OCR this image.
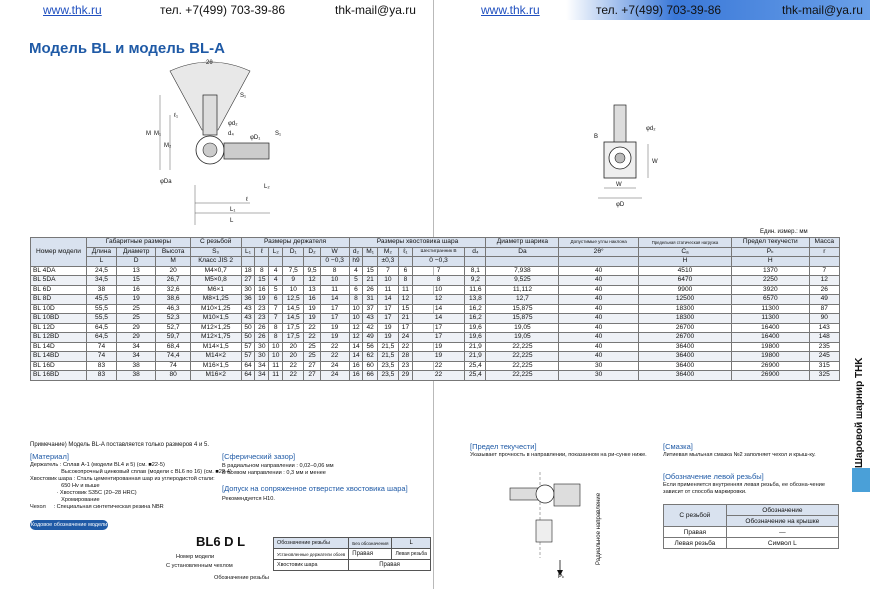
www.thk.ru	тел. +7(499) 703-39-86	thk-mail@ya.ru	www.thk.ru	тел. +7(499) 703-39-86	thk-mail@ya.ru
Модель BL и модель BL-A
2θ
S₁
ℓ₁
φd₂
d₄
M M₁
M₂
φD₁
S₁
φDa
L₂
ℓ
L₁
L
B
φd₂
W
W
φD
Шаровой шарнир THK
Един. измер.: мм
Номер модели	Габаритные размеры			С резьбой	Размеры держателя						Размеры хвостовика шара						Диаметр шарика	Допустимые углы наклона	Предельная статическая нагрузка	Предел текучести	Масса
	Длина	Диаметр	Высота	S₀	L₁	ℓ	L₂	D₁	D₂	W	d₂	M₁	M₂	ℓ₁	Шестигранник B	d₄	Da	2θ°	Cₐ	Pₖ	r
	L	D	M	Класс JIS 2						0 −0,3	h9		±0,3		0 −0,3				H	H	
BL 4DA	24,5	13	20	M4×0,7	18	8	4	7,5	9,5	8	4	15	7	6	7	8,1	7,938	40	4510	1370	7
BL 5DA	34,5	15	26,7	M5×0,8	27	15	4	9	12	10	5	21	10	8	8	9,2	9,525	40	6470	2250	12
BL 6D	38	16	32,6	M6×1	30	16	5	10	13	11	6	26	11	11	10	11,6	11,112	40	9900	3920	26
BL 8D	45,5	19	38,6	M8×1,25	36	19	6	12,5	16	14	8	31	14	12	12	13,8	12,7	40	12500	6570	49
BL 10D	55,5	25	46,3	M10×1,25	43	23	7	14,5	19	17	10	37	17	15	14	16,2	15,875	40	18300	11300	87
BL 10BD	55,5	25	52,3	M10×1,5	43	23	7	14,5	19	17	10	43	17	21	14	16,2	15,875	40	18300	11300	90
BL 12D	64,5	29	52,7	M12×1,25	50	26	8	17,5	22	19	12	42	19	17	17	19,6	19,05	40	26700	16400	143
BL 12BD	64,5	29	59,7	M12×1,75	50	26	8	17,5	22	19	12	49	19	24	17	19,6	19,05	40	26700	16400	148
BL 14D	74	34	68,4	M14×1,5	57	30	10	20	25	22	14	56	21,5	22	19	21,9	22,225	40	36400	19800	235
BL 14BD	74	34	74,4	M14×2	57	30	10	20	25	22	14	62	21,5	28	19	21,9	22,225	40	36400	19800	245
BL 16D	83	38	74	M16×1,5	64	34	11	22	27	24	16	60	23,5	23	22	25,4	22,225	30	36400	26900	315
BL 16BD	83	38	80	M16×2	64	34	11	22	27	24	16	66	23,5	29	22	25,4	22,225	30	36400	26900	325
Примечание) Модель BL-A поставляется только размеров 4 и 5.
[Материал]
Держатель : Сплав А-1 (модели BL4 и 5) (см. ■22-5)
Высокопрочный цинковый сплав (модели с BL6 по 16) (см. ■22-4)
Хвостовик шара : Сталь цементированная шар из углеродистой стали:
650 Hv и выше
· Хвостовик S35C (20–28 HRC)
Хромирование
Чехол     : Специальная синтетическая резина NBR
[Сферический зазор]
В радиальном направлении : 0,02–0,06 мм
В осевом направлении : 0,3 мм и менее
[Допуск на сопряженное отверстие хвостовика шара]
Рекомендуется H10.
Кодовое обозначение модели
BL6 D L
Номер модели
С установленным чехлом
Обозначение резьбы
Обозначение резьбы	Без обозначения	L
Установленные держатели обоев	Правая	Левая резьба
Хвостовик шара	Правая	
[Предел текучести]
Указывает прочность в направлении, показанном на ри-сунке ниже.
Pₖ
Радиальное направление
[Смазка]
Литиевая мыльная смазка №2 заполняет чехол и крыш-ку.
[Обозначение левой резьбы]
Если применяется внутренняя левая резьба, ее обозна-чение зависит от способа маркировки.
С резьбой	Обозначение
	Обозначение на крышке
Правая	—
Левая резьба	Символ L
